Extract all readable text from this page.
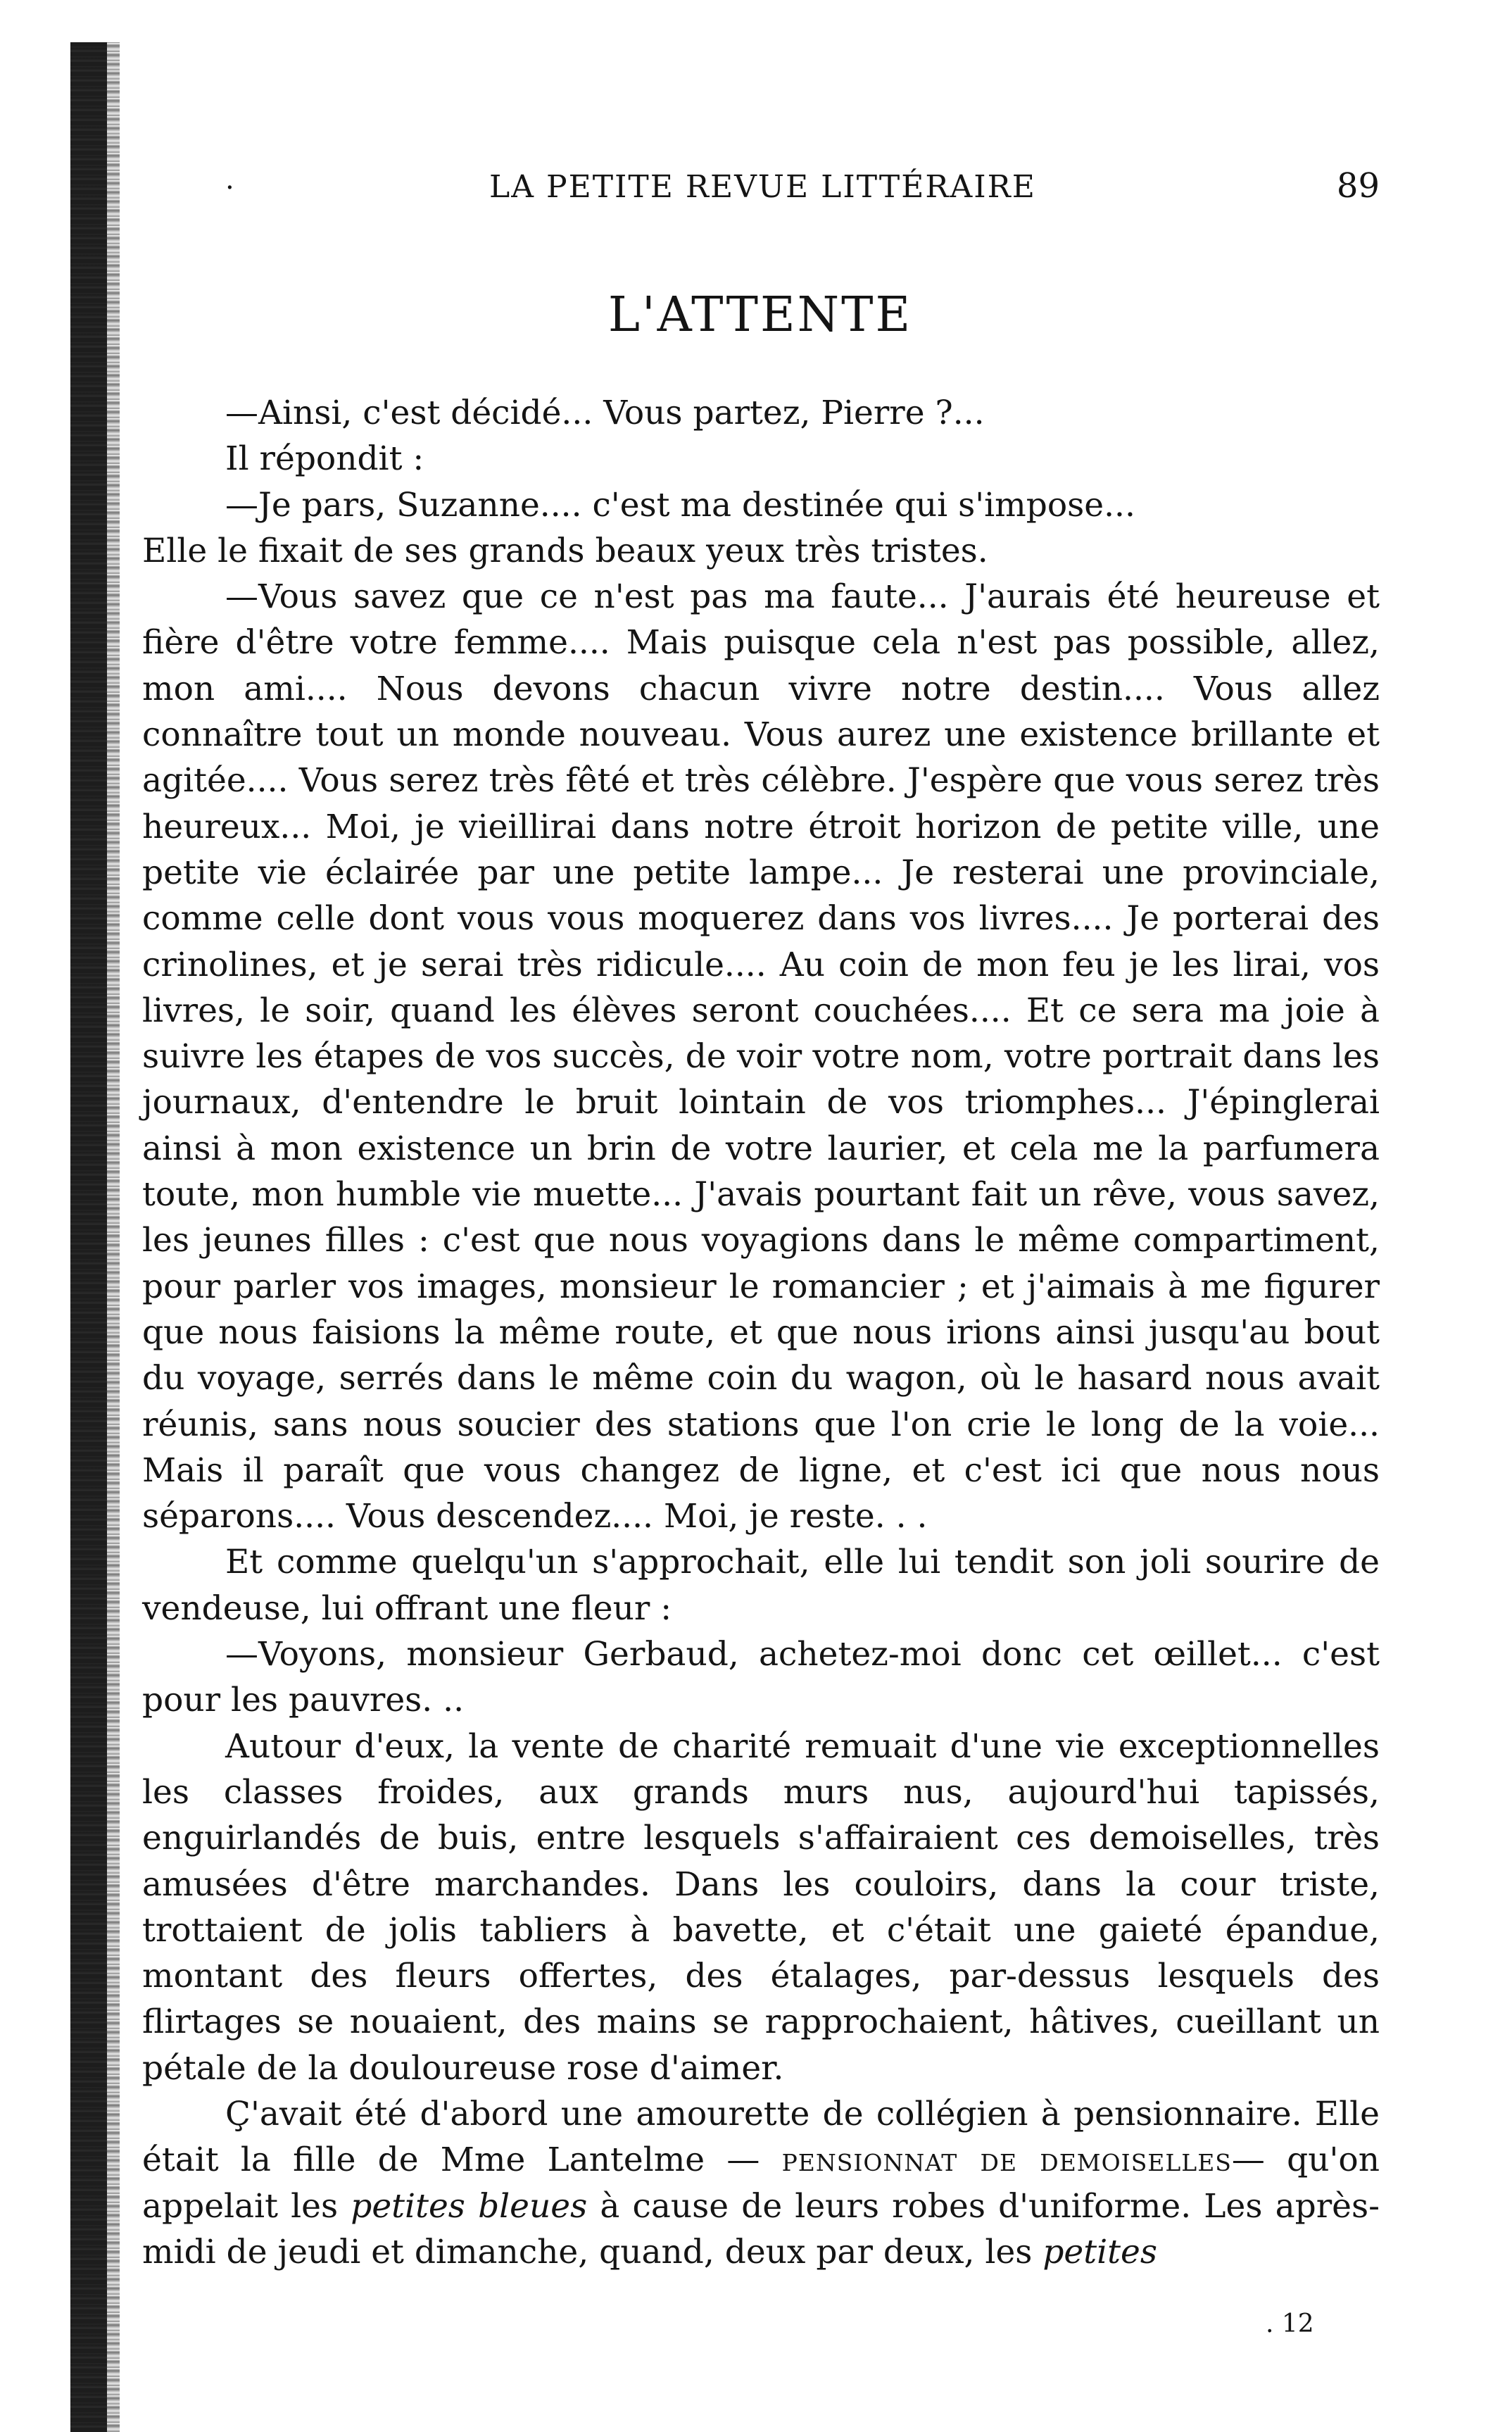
.	LA PETITE REVUE LITTÉRAIRE	89
L'ATTENTE

—Ainsi, c'est décidé... Vous partez, Pierre ?...

Il répondit :

—Je pars, Suzanne.... c'est ma destinée qui s'impose...

Elle le fixait de ses grands beaux yeux très tristes.

—Vous savez que ce n'est pas ma faute... J'aurais été heureuse et fière d'être votre femme.... Mais puisque cela n'est pas possible, allez, mon ami.... Nous devons chacun vivre notre destin.... Vous allez connaître tout un monde nouveau. Vous aurez une existence brillante et agitée.... Vous serez très fêté et très célèbre. J'espère que vous serez très heureux... Moi, je vieillirai dans notre étroit horizon de petite ville, une petite vie éclairée par une petite lampe... Je resterai une provinciale, comme celle dont vous vous moquerez dans vos livres.... Je porterai des crinolines, et je serai très ridicule.... Au coin de mon feu je les lirai, vos livres, le soir, quand les élèves seront couchées.... Et ce sera ma joie à suivre les étapes de vos succès, de voir votre nom, votre portrait dans les journaux, d'entendre le bruit lointain de vos triomphes... J'épinglerai ainsi à mon existence un brin de votre laurier, et cela me la parfumera toute, mon humble vie muette... J'avais pourtant fait un rêve, vous savez, les jeunes filles : c'est que nous voyagions dans le même compartiment, pour parler vos images, monsieur le romancier ; et j'aimais à me figurer que nous faisions la même route, et que nous irions ainsi jusqu'au bout du voyage, serrés dans le même coin du wagon, où le hasard nous avait réunis, sans nous soucier des stations que l'on crie le long de la voie... Mais il paraît que vous changez de ligne, et c'est ici que nous nous séparons.... Vous descendez.... Moi, je reste. . .

Et comme quelqu'un s'approchait, elle lui tendit son joli sourire de vendeuse, lui offrant une fleur :

—Voyons, monsieur Gerbaud, achetez-moi donc cet œillet... c'est pour les pauvres. ..

Autour d'eux, la vente de charité remuait d'une vie exceptionnelles les classes froides, aux grands murs nus, aujourd'hui tapissés, enguirlandés de buis, entre lesquels s'affairaient ces demoiselles, très amusées d'être marchandes. Dans les couloirs, dans la cour triste, trottaient de jolis tabliers à bavette, et c'était une gaieté épandue, montant des fleurs offertes, des étalages, par-dessus lesquels des flirtages se nouaient, des mains se rapprochaient, hâtives, cueillant un pétale de la douloureuse rose d'aimer.

Ç'avait été d'abord une amourette de collégien à pensionnaire. Elle était la fille de Mme Lantelme — pensionnat de demoiselles— qu'on appelait les petites bleues à cause de leurs robes d'uniforme. Les après-midi de jeudi et dimanche, quand, deux par deux, les petites

. 12
